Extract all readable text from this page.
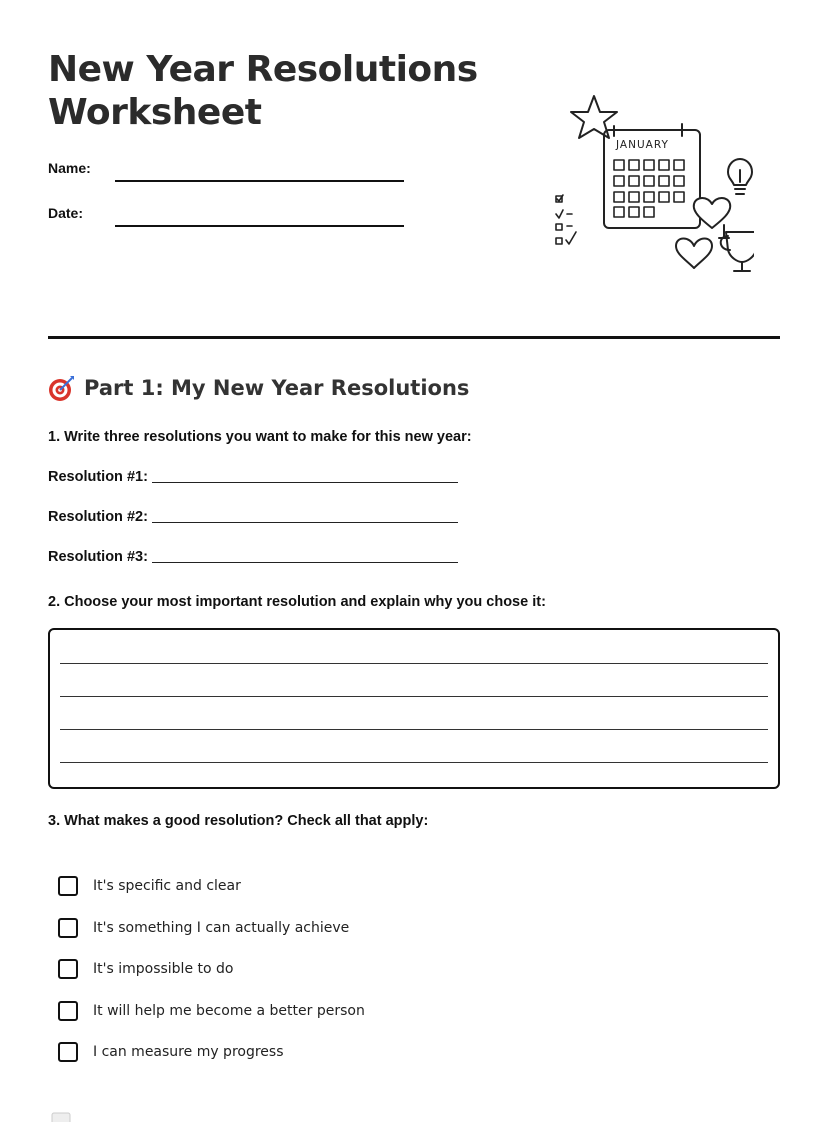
New Year Resolutions Worksheet
Name:
Date:
JANUARY
Part 1: My New Year Resolutions
1. Write three resolutions you want to make for this new year:
Resolution #1:
Resolution #2:
Resolution #3:
2. Choose your most important resolution and explain why you chose it:
3. What makes a good resolution? Check all that apply:
It's specific and clear
It's something I can actually achieve
It's impossible to do
It will help me become a better person
I can measure my progress
